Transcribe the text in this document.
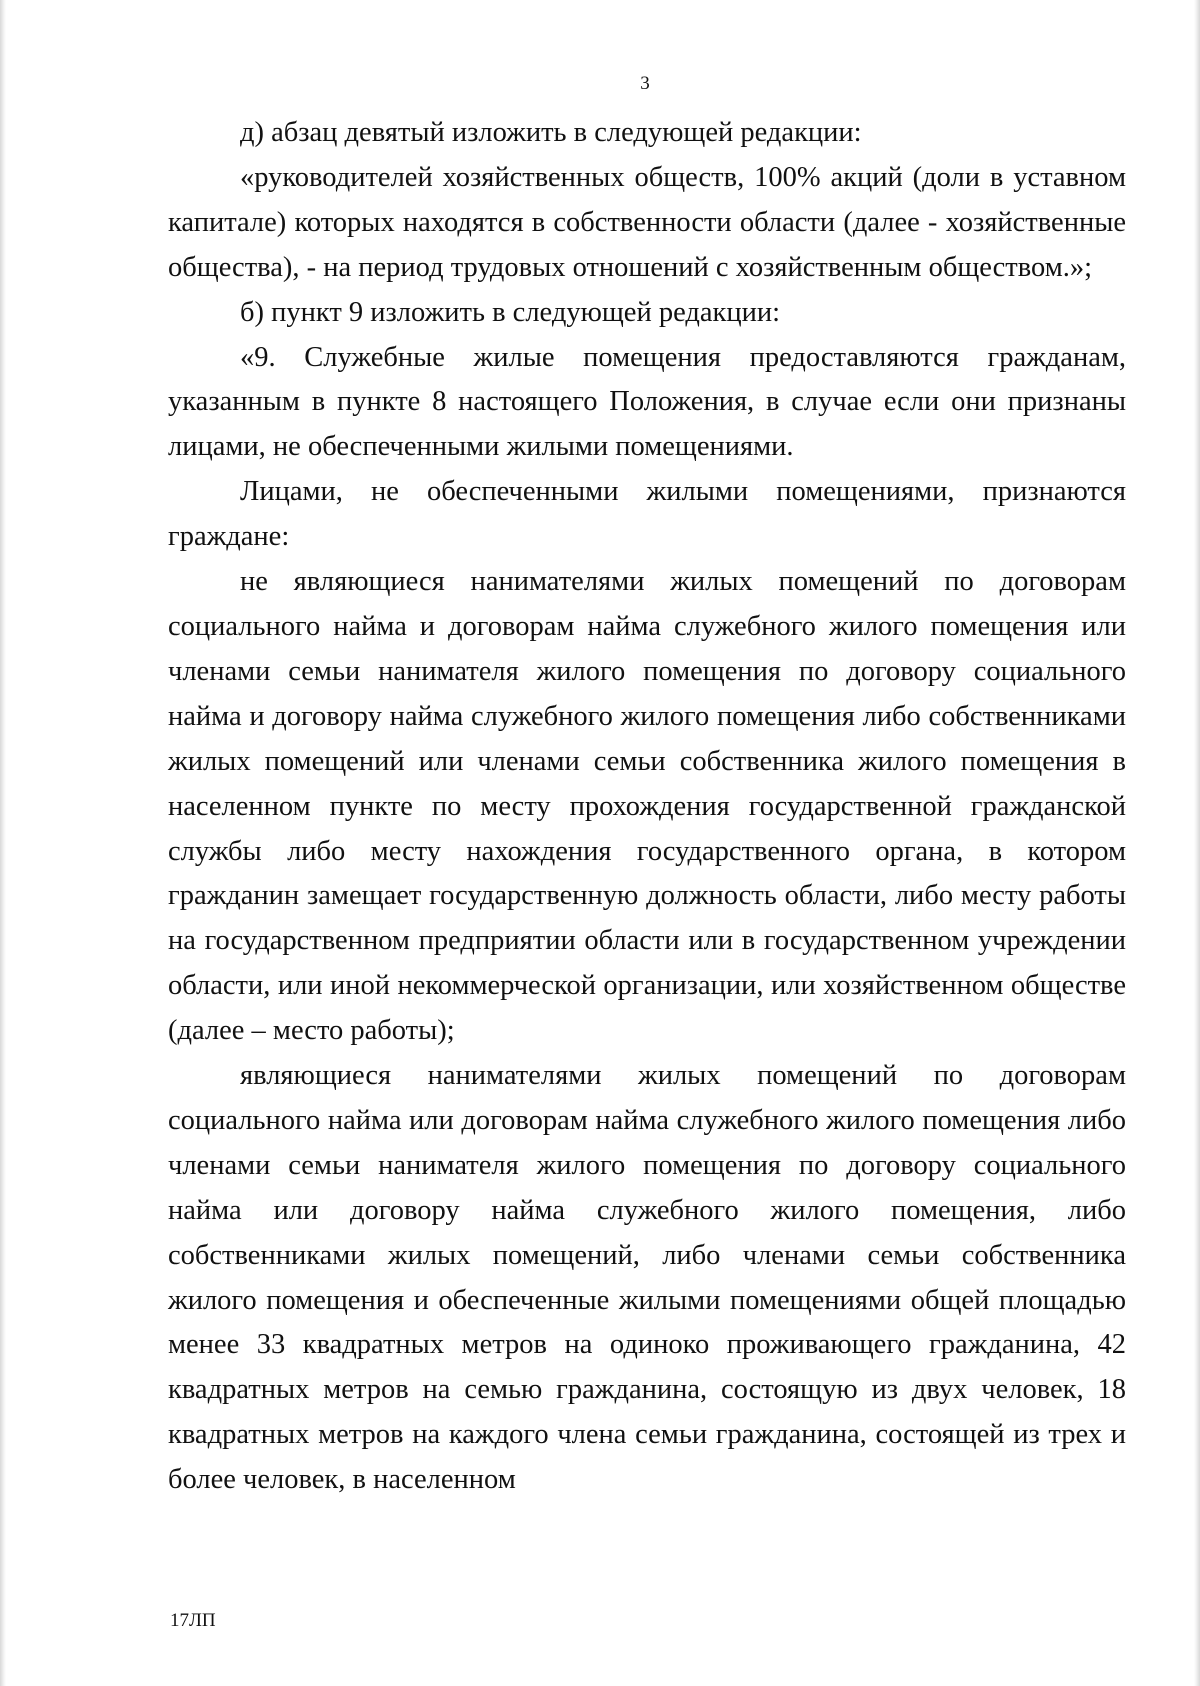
3

д) абзац девятый изложить в следующей редакции:

«руководителей хозяйственных обществ, 100% акций (доли в уставном капитале) которых находятся в собственности области (далее - хозяйственные общества), - на период трудовых отношений с хозяйственным обществом.»;

б) пункт 9 изложить в следующей редакции:

«9. Служебные жилые помещения предоставляются гражданам, указанным в пункте 8 настоящего Положения, в случае если они признаны лицами, не обеспеченными жилыми помещениями.

Лицами, не обеспеченными жилыми помещениями, признаются граждане:

не являющиеся нанимателями жилых помещений по договорам социального найма и договорам найма служебного жилого помещения или членами семьи нанимателя жилого помещения по договору социального найма и договору найма служебного жилого помещения либо собственниками жилых помещений или членами семьи собственника жилого помещения в населенном пункте по месту прохождения государственной гражданской службы либо месту нахождения государственного органа, в котором гражданин замещает государственную должность области, либо месту работы на государственном предприятии области или в государственном учреждении области, или иной некоммерческой организации, или хозяйственном обществе (далее – место работы);

являющиеся нанимателями жилых помещений по договорам социального найма или договорам найма служебного жилого помещения либо членами семьи нанимателя жилого помещения по договору социального найма или договору найма служебного жилого помещения, либо собственниками жилых помещений, либо членами семьи собственника жилого помещения и обеспеченные жилыми помещениями общей площадью менее 33 квадратных метров на одиноко проживающего гражданина, 42 квадратных метров на семью гражданина, состоящую из двух человек, 18 квадратных метров на каждого члена семьи гражданина, состоящей из трех и более человек, в населенном

17ЛП
